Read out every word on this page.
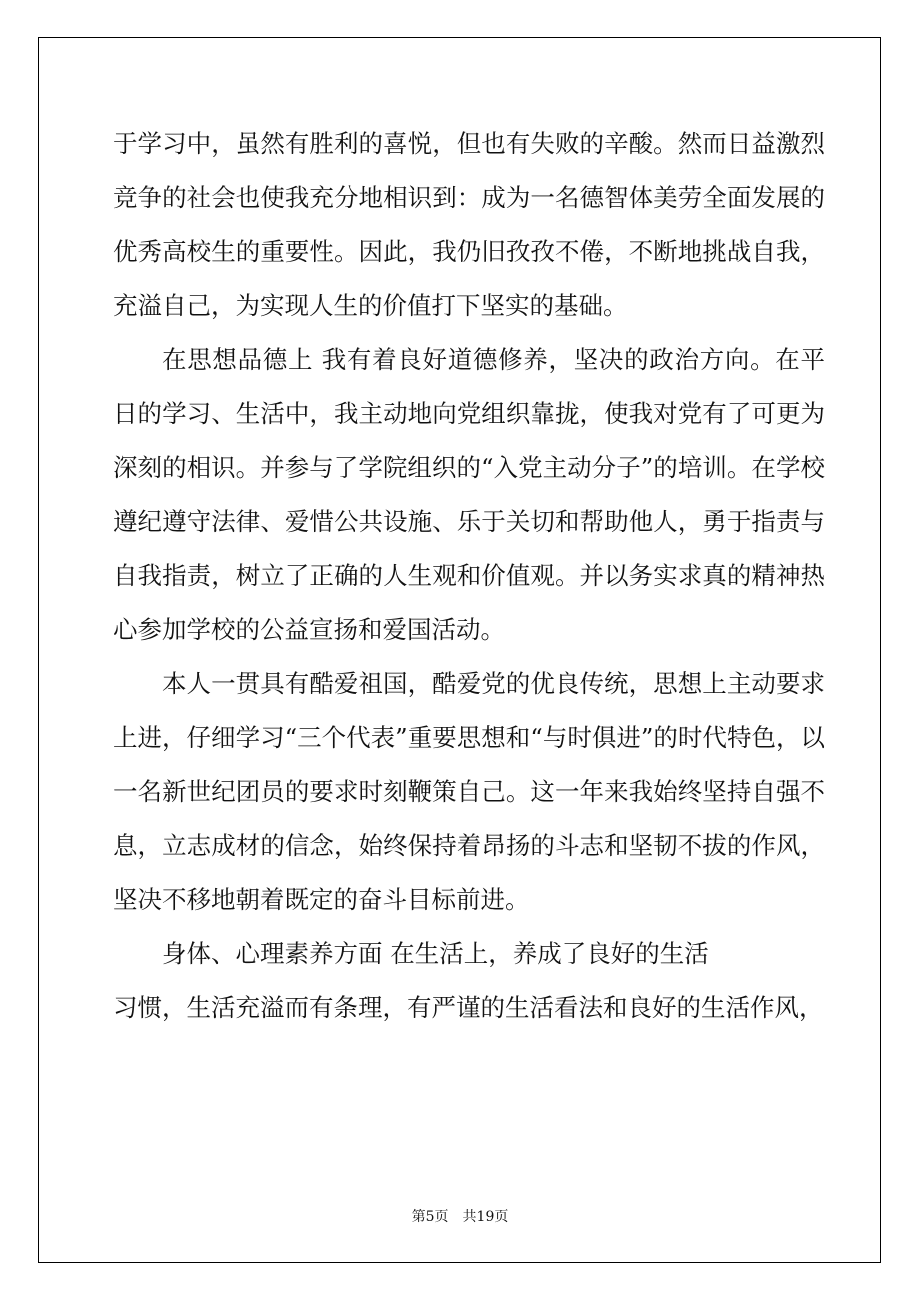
于学习中，虽然有胜利的喜悦，但也有失败的辛酸。然而日益激烈竞争的社会也使我充分地相识到：成为一名德智体美劳全面发展的优秀高校生的重要性。因此，我仍旧孜孜不倦，不断地挑战自我，充溢自己，为实现人生的价值打下坚实的基础。

在思想品德上 我有着良好道德修养，坚决的政治方向。在平日的学习、生活中，我主动地向党组织靠拢，使我对党有了可更为深刻的相识。并参与了学院组织的“入党主动分子”的培训。在学校遵纪遵守法律、爱惜公共设施、乐于关切和帮助他人，勇于指责与自我指责，树立了正确的人生观和价值观。并以务实求真的精神热心参加学校的公益宣扬和爱国活动。

本人一贯具有酷爱祖国，酷爱党的优良传统，思想上主动要求上进，仔细学习“三个代表”重要思想和“与时俱进”的时代特色，以一名新世纪团员的要求时刻鞭策自己。这一年来我始终坚持自强不息，立志成材的信念，始终保持着昂扬的斗志和坚韧不拔的作风，坚决不移地朝着既定的奋斗目标前进。

身体、心理素养方面 在生活上，养成了良好的生活

习惯，生活充溢而有条理，有严谨的生活看法和良好的生活作风，

第5页 共19页
